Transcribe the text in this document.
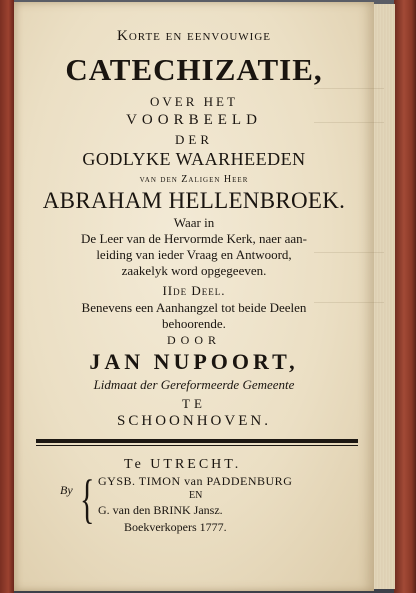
Korte en eenvouwige
CATECHIZATIE,
OVER HET
VOORBEELD
DER
GODLYKE WAARHEEDEN
van den Zaligen Heer
ABRAHAM HELLENBROEK.
Waar in
De Leer van de Hervormde Kerk, naer aan-
leiding van ieder Vraag en Antwoord,
zaakelyk word opgegeeven.
IIde Deel.
Benevens een Aanhangzel tot beide Deelen
behoorende.
DOOR
JAN NUPOORT,
Lidmaat der Gereformeerde Gemeente
TE
SCHOONHOVEN.
Te UTRECHT.
By { GYSB. TIMON van PADDENBURG
EN
G. van den BRINK Jansz.
Boekverkopers 1777.
